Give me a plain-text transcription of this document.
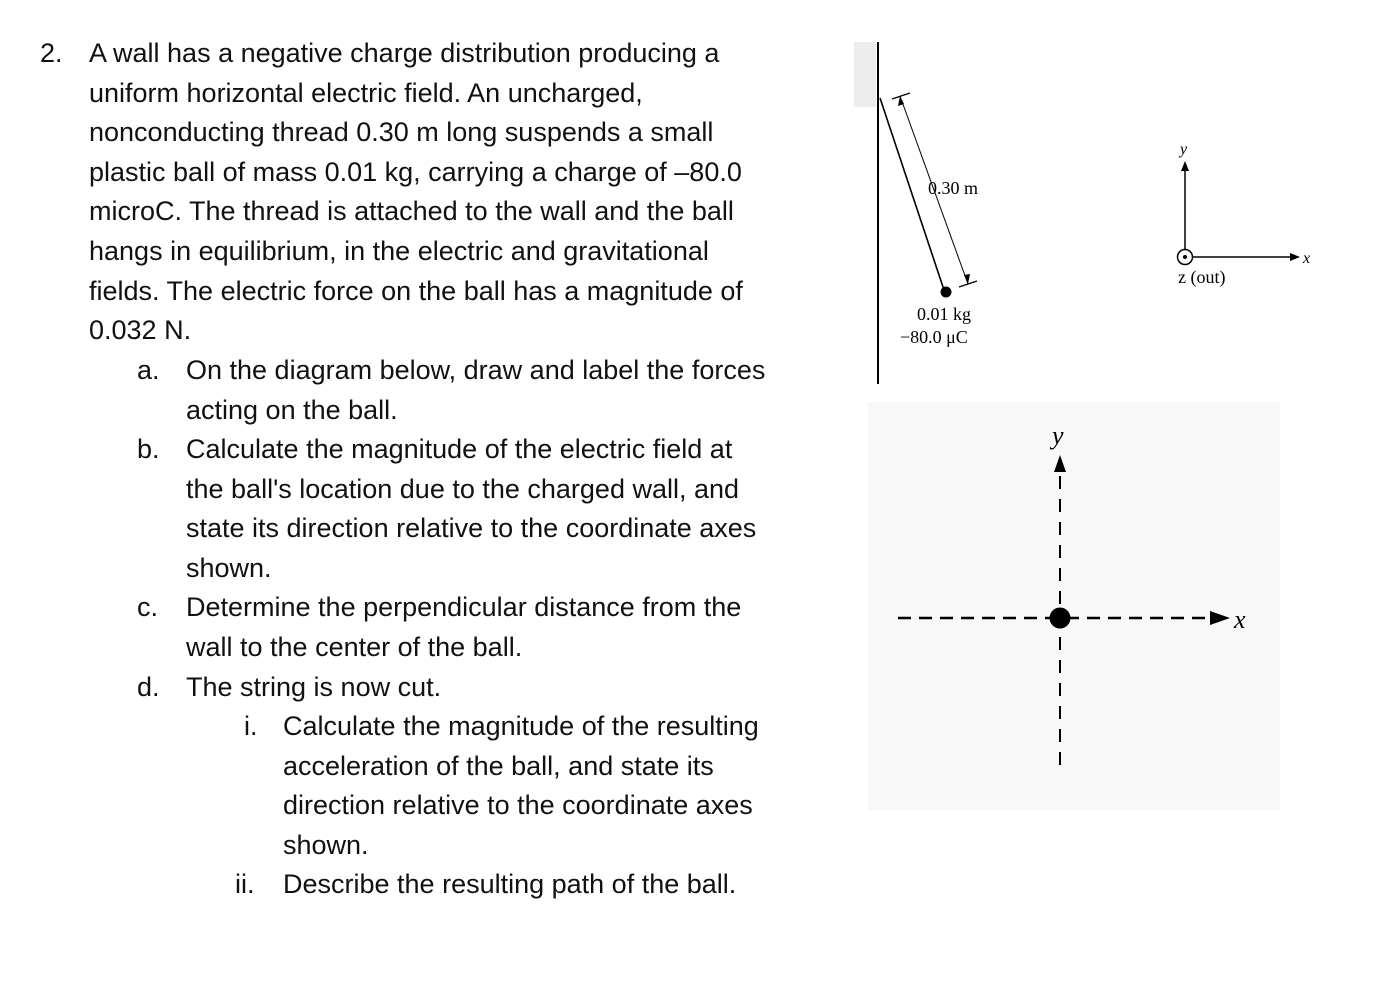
2. A wall has a negative charge distribution producing a
uniform horizontal electric field. An uncharged,
nonconducting thread 0.30 m long suspends a small
plastic ball of mass 0.01 kg, carrying a charge of –80.0
microC. The thread is attached to the wall and the ball
hangs in equilibrium, in the electric and gravitational
fields. The electric force on the ball has a magnitude of
0.032 N.
a. On the diagram below, draw and label the forces
acting on the ball.
b. Calculate the magnitude of the electric field at
the ball's location due to the charged wall, and
state its direction relative to the coordinate axes
shown.
c. Determine the perpendicular distance from the
wall to the center of the ball.
d. The string is now cut.
i. Calculate the magnitude of the resulting
acceleration of the ball, and state its
direction relative to the coordinate axes
shown.
ii. Describe the resulting path of the ball.
0.30 m
0.01 kg
−80.0 μC
y
x
z (out)
y
x
